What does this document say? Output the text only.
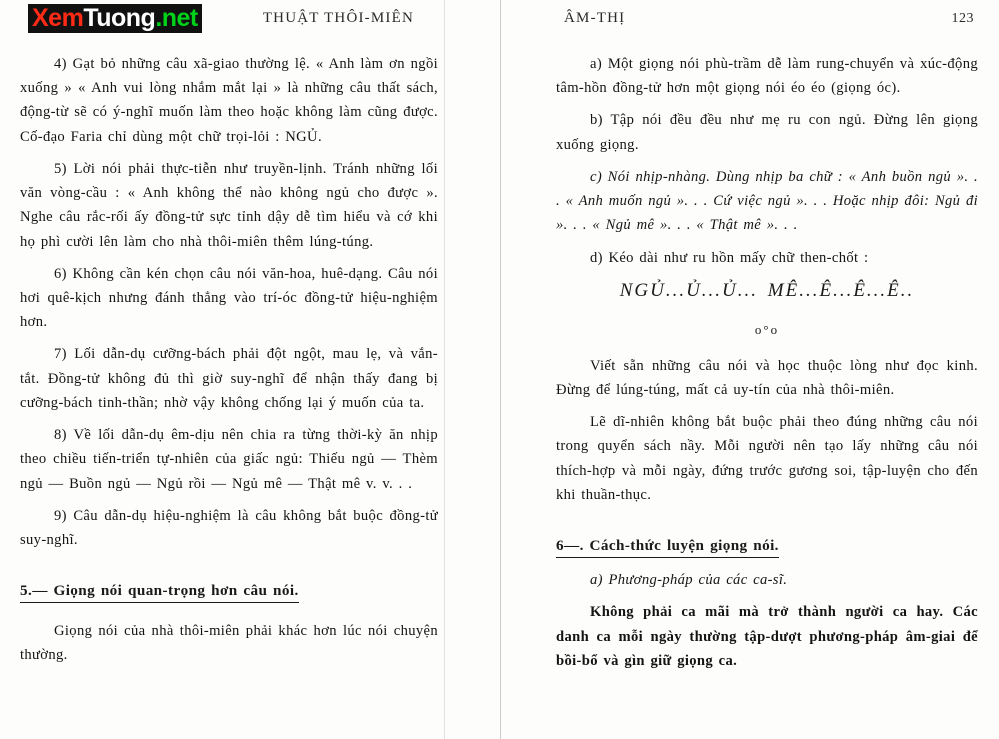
XemTuong.net	THUẬT THÔI-MIÊN

4) Gạt bỏ những câu xã-giao thường lệ. « Anh làm ơn ngồi xuống » « Anh vui lòng nhắm mắt lại » là những câu thất sách, động-từ sẽ có ý-nghĩ muốn làm theo hoặc không làm cũng được. Cố-đạo Faria chỉ dùng một chữ trọi-lỏi : NGỦ.

5) Lời nói phải thực-tiễn như truyền-lịnh. Tránh những lối văn vòng-cầu : « Anh không thể nào không ngủ cho được ». Nghe câu rắc-rối ấy đồng-tử sực tỉnh dậy dễ tìm hiểu và cớ khi họ phì cười lên làm cho nhà thôi-miên thêm lúng-túng.

6) Không cần kén chọn câu nói văn-hoa, huê-dạng. Câu nói hơi quê-kịch nhưng đánh thẳng vào trí-óc đồng-tử hiệu-nghiệm hơn.

7) Lối dẫn-dụ cưỡng-bách phải đột ngột, mau lẹ, và vắn-tắt. Đồng-tử không đủ thì giờ suy-nghĩ để nhận thấy đang bị cưỡng-bách tinh-thần; nhờ vậy không chống lại ý muốn của ta.

8) Về lối dẫn-dụ êm-dịu nên chia ra từng thời-kỳ ăn nhịp theo chiều tiến-triển tự-nhiên của giấc ngủ: Thiếu ngủ — Thèm ngủ — Buồn ngủ — Ngủ rồi — Ngủ mê — Thật mê v. v. . .

9) Câu dẫn-dụ hiệu-nghiệm là câu không bắt buộc đồng-tử suy-nghĩ.

5.— Giọng nói quan-trọng hơn câu nói.

Giọng nói của nhà thôi-miên phải khác hơn lúc nói chuyện thường.

ÂM-THỊ	123

a) Một giọng nói phù-trầm dễ làm rung-chuyển và xúc-động tâm-hồn đồng-tử hơn một giọng nói éo éo (giọng óc).

b) Tập nói đều đều như mẹ ru con ngủ. Đừng lên giọng xuống giọng.

c) Nói nhịp-nhàng. Dùng nhịp ba chữ : « Anh buồn ngủ ». . . « Anh muốn ngủ ». . . Cứ việc ngủ ». . . Hoặc nhịp đôi: Ngủ đi ». . . « Ngủ mê ». . . « Thật mê ». . .

d) Kéo dài như ru hồn mấy chữ then-chốt :

NGỦ...Ủ...Ủ... MÊ...Ê...Ê...Ê..
o°o

Viết sẵn những câu nói và học thuộc lòng như đọc kinh. Đừng để lúng-túng, mất cả uy-tín của nhà thôi-miên.

Lẽ dĩ-nhiên không bắt buộc phải theo đúng những câu nói trong quyển sách nầy. Mỗi người nên tạo lấy những câu nói thích-hợp và mỗi ngày, đứng trước gương soi, tập-luyện cho đến khi thuần-thục.

6—. Cách-thức luyện giọng nói.

a) Phương-pháp của các ca-sĩ.

Không phải ca mãi mà trở thành người ca hay. Các danh ca mỗi ngày thường tập-dượt phương-pháp âm-giai để bồi-bổ và gìn giữ giọng ca.
